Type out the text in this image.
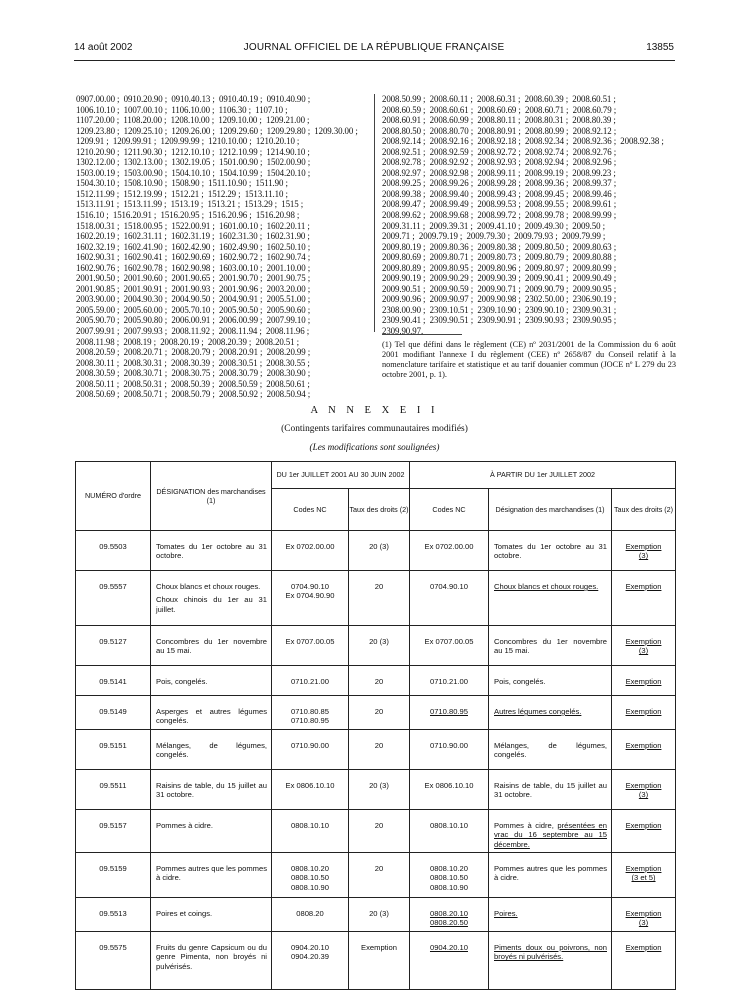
14 août 2002	JOURNAL OFFICIEL DE LA RÉPUBLIQUE FRANÇAISE	13855
0907.00.00 ;  0910.20.90 ;  0910.40.13 ;  0910.40.19 ;  0910.40.90 ;
1006.10.10 ;  1007.00.10 ;  1106.10.00 ;  1106.30 ;  1107.10 ;
1107.20.00 ;  1108.20.00 ;  1208.10.00 ;  1209.10.00 ;  1209.21.00 ;
1209.23.80 ;  1209.25.10 ;  1209.26.00 ;  1209.29.60 ;  1209.29.80 ;  1209.30.00 ;
1209.91 ;  1209.99.91 ;  1209.99.99 ;  1210.10.00 ;  1210.20.10 ;
1210.20.90 ;  1211.90.30 ;  1212.10.10 ;  1212.10.99 ;  1214.90.10 ;
1302.12.00 ;  1302.13.00 ;  1302.19.05 ;  1501.00.90 ;  1502.00.90 ;
1503.00.19 ;  1503.00.90 ;  1504.10.10 ;  1504.10.99 ;  1504.20.10 ;
1504.30.10 ;  1508.10.90 ;  1508.90 ;  1511.10.90 ;  1511.90 ;
1512.11.99 ;  1512.19.99 ;  1512.21 ;  1512.29 ;  1513.11.10 ;
1513.11.91 ;  1513.11.99 ;  1513.19 ;  1513.21 ;  1513.29 ;  1515 ;
1516.10 ;  1516.20.91 ;  1516.20.95 ;  1516.20.96 ;  1516.20.98 ;
1518.00.31 ;  1518.00.95 ;  1522.00.91 ;  1601.00.10 ;  1602.20.11 ;
1602.20.19 ;  1602.31.11 ;  1602.31.19 ;  1602.31.30 ;  1602.31.90 ;
1602.32.19 ;  1602.41.90 ;  1602.42.90 ;  1602.49.90 ;  1602.50.10 ;
1602.90.31 ;  1602.90.41 ;  1602.90.69 ;  1602.90.72 ;  1602.90.74 ;
1602.90.76 ;  1602.90.78 ;  1602.90.98 ;  1603.00.10 ;  2001.10.00 ;
2001.90.50 ;  2001.90.60 ;  2001.90.65 ;  2001.90.70 ;  2001.90.75 ;
2001.90.85 ;  2001.90.91 ;  2001.90.93 ;  2001.90.96 ;  2003.20.00 ;
2003.90.00 ;  2004.90.30 ;  2004.90.50 ;  2004.90.91 ;  2005.51.00 ;
2005.59.00 ;  2005.60.00 ;  2005.70.10 ;  2005.90.50 ;  2005.90.60 ;
2005.90.70 ;  2005.90.80 ;  2006.00.91 ;  2006.00.99 ;  2007.99.10 ;
2007.99.91 ;  2007.99.93 ;  2008.11.92 ;  2008.11.94 ;  2008.11.96 ;
2008.11.98 ;  2008.19 ;  2008.20.19 ;  2008.20.39 ;  2008.20.51 ;
2008.20.59 ;  2008.20.71 ;  2008.20.79 ;  2008.20.91 ;  2008.20.99 ;
2008.30.11 ;  2008.30.31 ;  2008.30.39 ;  2008.30.51 ;  2008.30.55 ;
2008.30.59 ;  2008.30.71 ;  2008.30.75 ;  2008.30.79 ;  2008.30.90 ;
2008.50.11 ;  2008.50.31 ;  2008.50.39 ;  2008.50.59 ;  2008.50.61 ;
2008.50.69 ;  2008.50.71 ;  2008.50.79 ;  2008.50.92 ;  2008.50.94 ;
2008.50.99 ;  2008.60.11 ;  2008.60.31 ;  2008.60.39 ;  2008.60.51 ;
2008.60.59 ;  2008.60.61 ;  2008.60.69 ;  2008.60.71 ;  2008.60.79 ;
2008.60.91 ;  2008.60.99 ;  2008.80.11 ;  2008.80.31 ;  2008.80.39 ;
2008.80.50 ;  2008.80.70 ;  2008.80.91 ;  2008.80.99 ;  2008.92.12 ;
2008.92.14 ;  2008.92.16 ;  2008.92.18 ;  2008.92.34 ;  2008.92.36 ;  2008.92.38 ;
2008.92.51 ;  2008.92.59 ;  2008.92.72 ;  2008.92.74 ;  2008.92.76 ;
2008.92.78 ;  2008.92.92 ;  2008.92.93 ;  2008.92.94 ;  2008.92.96 ;
2008.92.97 ;  2008.92.98 ;  2008.99.11 ;  2008.99.19 ;  2008.99.23 ;
2008.99.25 ;  2008.99.26 ;  2008.99.28 ;  2008.99.36 ;  2008.99.37 ;
2008.99.38 ;  2008.99.40 ;  2008.99.43 ;  2008.99.45 ;  2008.99.46 ;
2008.99.47 ;  2008.99.49 ;  2008.99.53 ;  2008.99.55 ;  2008.99.61 ;
2008.99.62 ;  2008.99.68 ;  2008.99.72 ;  2008.99.78 ;  2008.99.99 ;
2009.31.11 ;  2009.39.31 ;  2009.41.10 ;  2009.49.30 ;  2009.50 ;
2009.71 ;  2009.79.19 ;  2009.79.30 ;  2009.79.93 ;  2009.79.99 ;
2009.80.19 ;  2009.80.36 ;  2009.80.38 ;  2009.80.50 ;  2009.80.63 ;
2009.80.69 ;  2009.80.71 ;  2009.80.73 ;  2009.80.79 ;  2009.80.88 ;
2009.80.89 ;  2009.80.95 ;  2009.80.96 ;  2009.80.97 ;  2009.80.99 ;
2009.90.19 ;  2009.90.29 ;  2009.90.39 ;  2009.90.41 ;  2009.90.49 ;
2009.90.51 ;  2009.90.59 ;  2009.90.71 ;  2009.90.79 ;  2009.90.95 ;
2009.90.96 ;  2009.90.97 ;  2009.90.98 ;  2302.50.00 ;  2306.90.19 ;
2308.00.90 ;  2309.10.51 ;  2309.10.90 ;  2309.90.10 ;  2309.90.31 ;
2309.90.41 ;  2309.90.51 ;  2309.90.91 ;  2309.90.93 ;  2309.90.95 ;
2309.90.97.
(1) Tel que défini dans le règlement (CE) nº 2031/2001 de la Commission du 6 août 2001 modifiant l'annexe I du règlement (CEE) nº 2658/87 du Conseil relatif à la nomenclature tarifaire et statistique et au tarif douanier commun (JOCE nº L 279 du 23 octobre 2001, p. 1).
A N N E X E I I
(Contingents tarifaires communautaires modifiés)
(Les modifications sont soulignées)
NUMÉRO d'ordre	DÉSIGNATION des marchandises (1)	DU 1er JUILLET 2001 AU 30 JUIN 2002		À PARTIR DU 1er JUILLET 2002		
		Codes NC	Taux des droits (2)	Codes NC	Désignation des marchandises (1)	Taux des droits (2)
09.5503	Tomates du 1er octobre au 31 octobre.	Ex 0702.00.00	20 (3)	Ex 0702.00.00	Tomates du 1er octobre au 31 octobre.	Exemption
(3)

09.5557	Choux blancs et choux rouges.
Choux chinois du 1er au 31 juillet.	0704.90.10
Ex 0704.90.90	20	0704.90.10	Choux blancs et choux rouges.	Exemption

09.5127	Concombres du 1er novembre au 15 mai.	Ex 0707.00.05	20 (3)	Ex 0707.00.05	Concombres du 1er novembre au 15 mai.	Exemption
(3)

09.5141	Pois, congelés.	0710.21.00	20	0710.21.00	Pois, congelés.	Exemption

09.5149	Asperges et autres légumes congelés.	0710.80.85
0710.80.95	20	0710.80.95	Autres légumes congelés.	Exemption

09.5151	Mélanges, de légumes, congelés.	0710.90.00	20	0710.90.00	Mélanges, de légumes, congelés.	Exemption

09.5511	Raisins de table, du 15 juillet au 31 octobre.	Ex 0806.10.10	20 (3)	Ex 0806.10.10	Raisins de table, du 15 juillet au 31 octobre.	Exemption
(3)

09.5157	Pommes à cidre.	0808.10.10	20	0808.10.10	Pommes à cidre, présentées en vrac du 16 septembre au 15 décembre.	Exemption

09.5159	Pommes autres que les pommes à cidre.	0808.10.20
0808.10.50
0808.10.90	20	0808.10.20
0808.10.50
0808.10.90	Pommes autres que les pommes à cidre.	Exemption
(3 et 5)

09.5513	Poires et coings.	0808.20	20 (3)	0808.20.10
0808.20.50	Poires.	Exemption
(3)

09.5575	Fruits du genre Capsicum ou du genre Pimenta, non broyés ni pulvérisés.	0904.20.10
0904.20.39	Exemption	0904.20.10	Piments doux ou poivrons, non broyés ni pulvérisés.	Exemption
